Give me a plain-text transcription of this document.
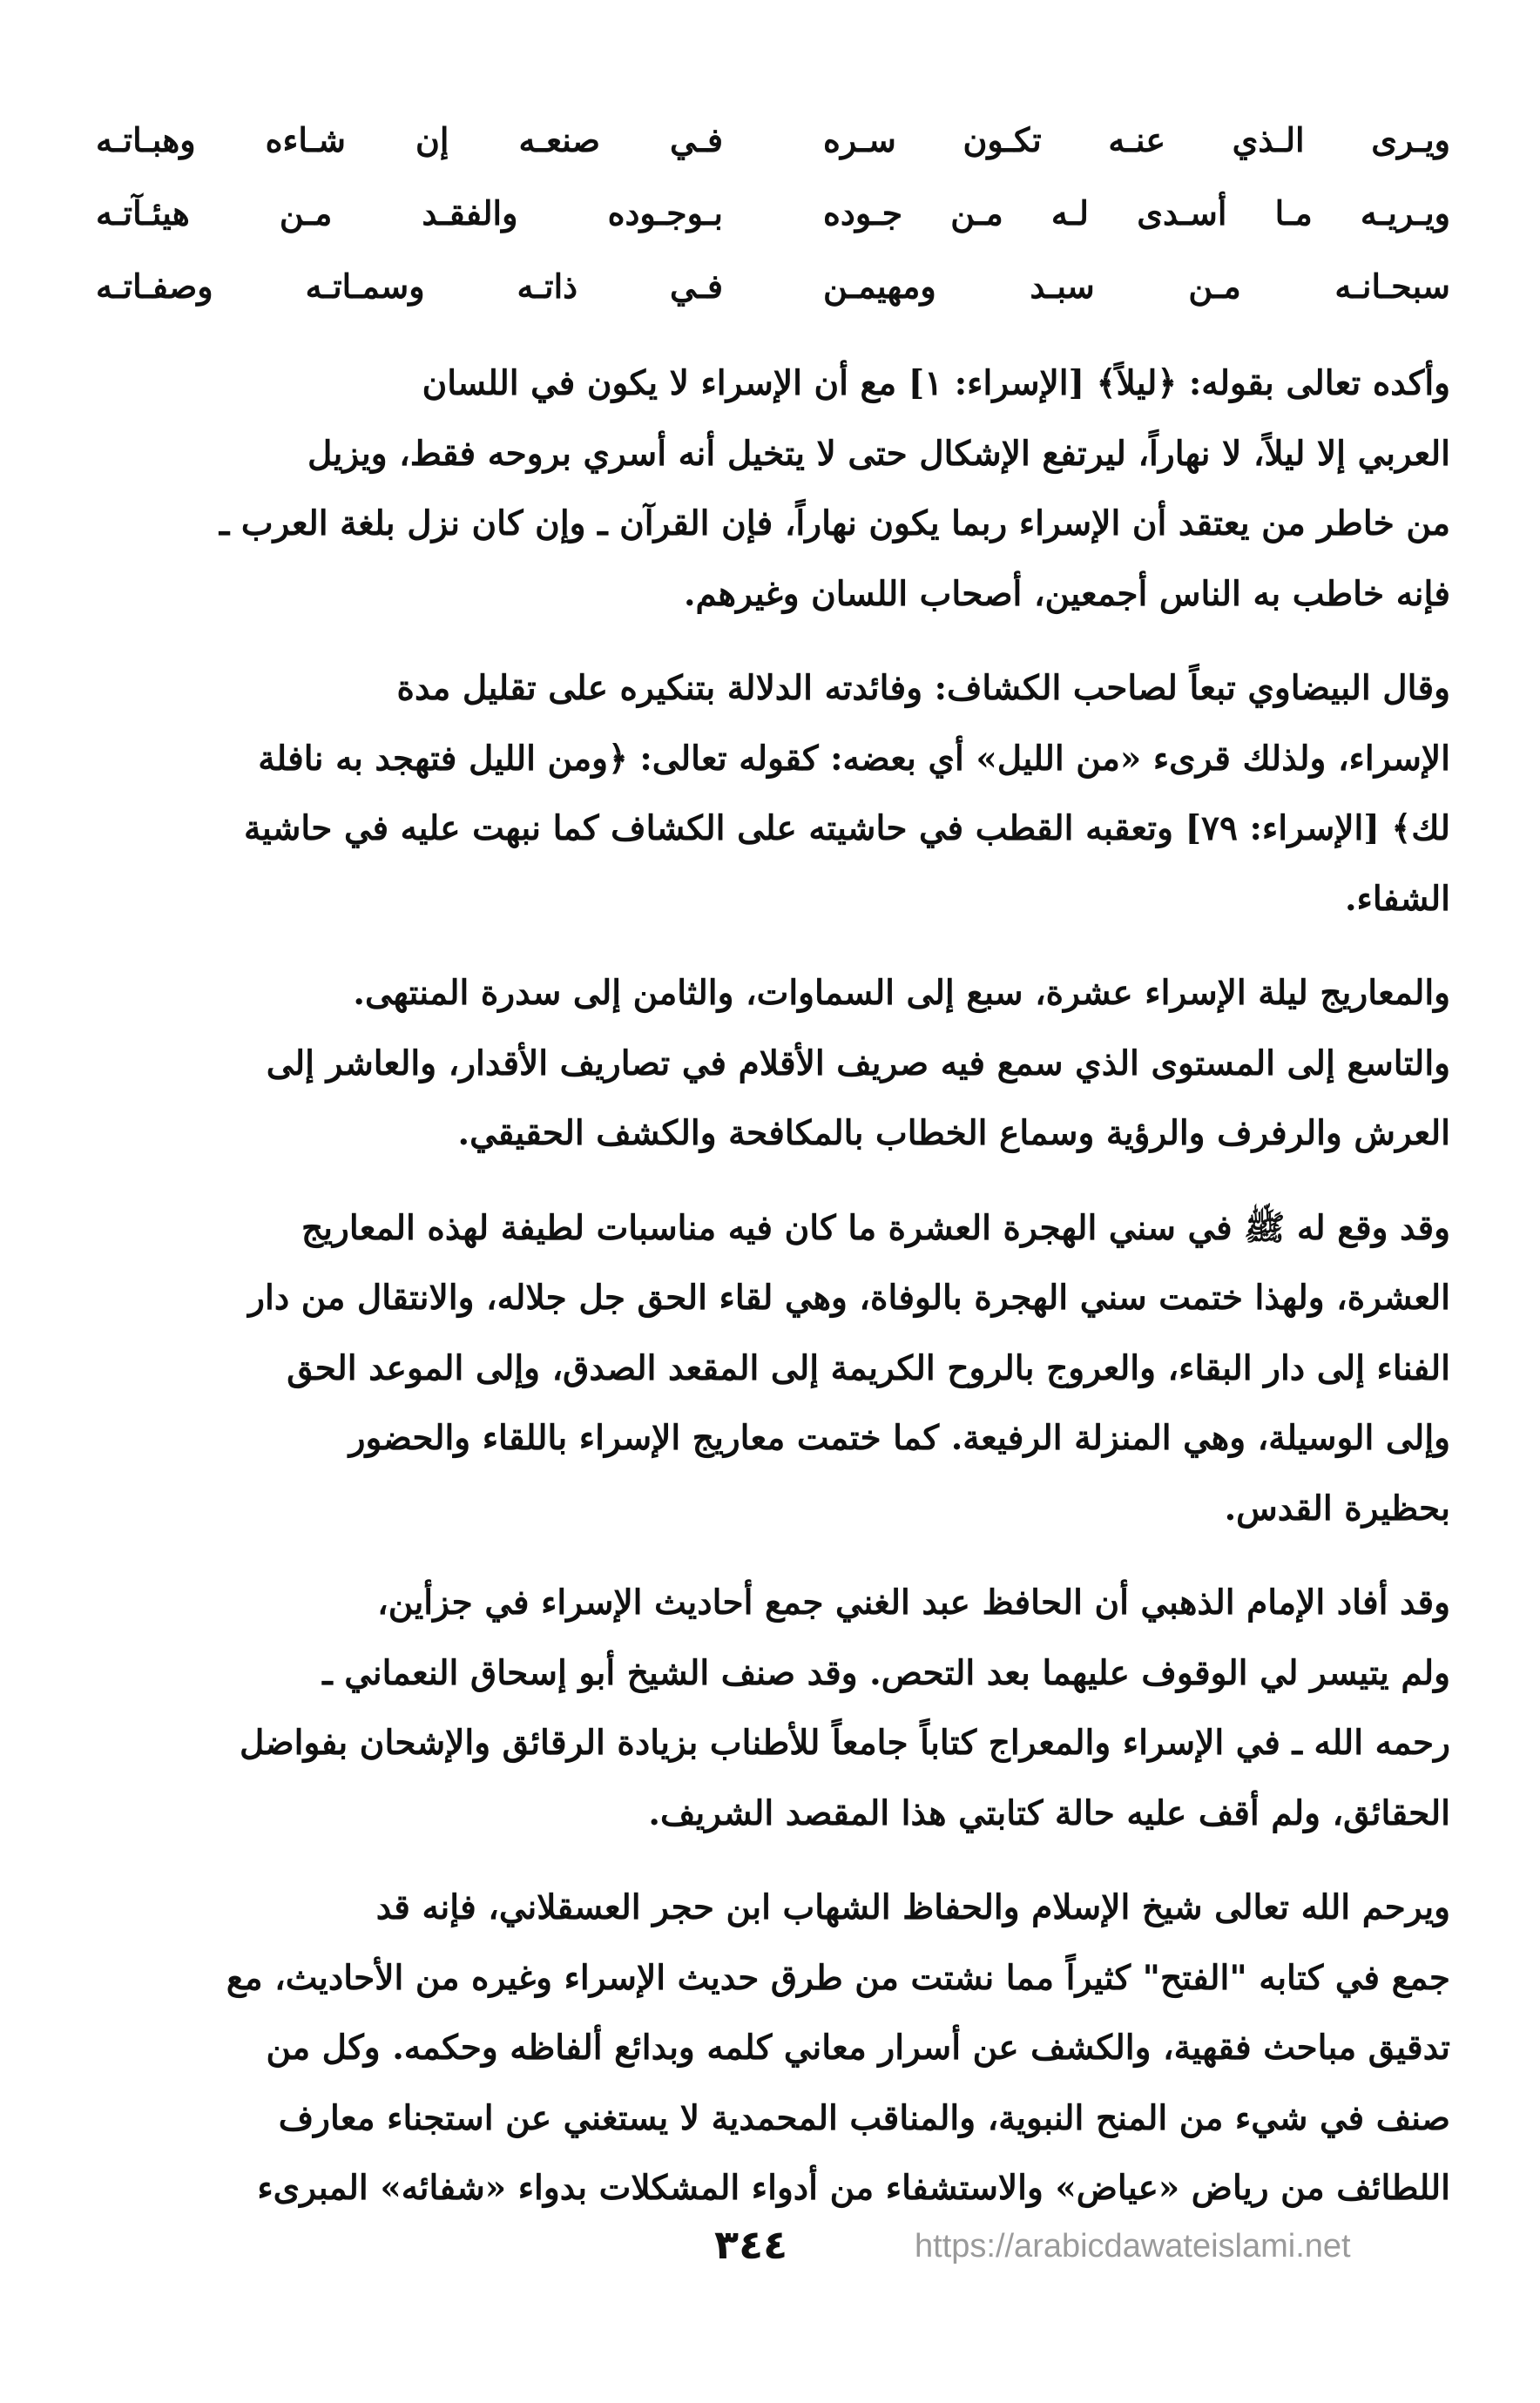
ويـرى الـذي عنـه تكـون سـره
فـي صنعـه إن شـاءه وهبـاتـه
ويـريـه مـا أسـدى لـه مـن جـوده
بـوجـوده والفقـد مـن هيئـآتـه
سبحـانـه مـن سبـد ومهيمـن
فـي ذاتـه وسمـاتـه وصفـاتـه

وأكده تعالى بقوله: ﴿ليلاً﴾ [الإسراء: ١] مع أن الإسراء لا يكون في اللسان
العربي إلا ليلاً، لا نهاراً، ليرتفع الإشكال حتى لا يتخيل أنه أسري بروحه فقط، ويزيل
من خاطر من يعتقد أن الإسراء ربما يكون نهاراً، فإن القرآن ـ وإن كان نزل بلغة العرب ـ
فإنه خاطب به الناس أجمعين، أصحاب اللسان وغيرهم.

وقال البيضاوي تبعاً لصاحب الكشاف: وفائدته الدلالة بتنكيره على تقليل مدة
الإسراء، ولذلك قرىء «من الليل» أي بعضه: كقوله تعالى: ﴿ومن الليل فتهجد به نافلة
لك﴾ [الإسراء: ٧٩] وتعقبه القطب في حاشيته على الكشاف كما نبهت عليه في حاشية
الشفاء.

والمعاريج ليلة الإسراء عشرة، سبع إلى السماوات، والثامن إلى سدرة المنتهى.
والتاسع إلى المستوى الذي سمع فيه صريف الأقلام في تصاريف الأقدار، والعاشر إلى
العرش والرفرف والرؤية وسماع الخطاب بالمكافحة والكشف الحقيقي.

وقد وقع له ﷺ في سني الهجرة العشرة ما كان فيه مناسبات لطيفة لهذه المعاريج
العشرة، ولهذا ختمت سني الهجرة بالوفاة، وهي لقاء الحق جل جلاله، والانتقال من دار
الفناء إلى دار البقاء، والعروج بالروح الكريمة إلى المقعد الصدق، وإلى الموعد الحق
وإلى الوسيلة، وهي المنزلة الرفيعة. كما ختمت معاريج الإسراء باللقاء والحضور
بحظيرة القدس.

وقد أفاد الإمام الذهبي أن الحافظ عبد الغني جمع أحاديث الإسراء في جزأين،
ولم يتيسر لي الوقوف عليهما بعد التحص. وقد صنف الشيخ أبو إسحاق النعماني ـ
رحمه الله ـ في الإسراء والمعراج كتاباً جامعاً للأطناب بزيادة الرقائق والإشحان بفواضل
الحقائق، ولم أقف عليه حالة كتابتي هذا المقصد الشريف.

ويرحم الله تعالى شيخ الإسلام والحفاظ الشهاب ابن حجر العسقلاني، فإنه قد
جمع في كتابه "الفتح" كثيراً مما نشتت من طرق حديث الإسراء وغيره من الأحاديث، مع
تدقيق مباحث فقهية، والكشف عن أسرار معاني كلمه وبدائع ألفاظه وحكمه. وكل من
صنف في شيء من المنح النبوية، والمناقب المحمدية لا يستغني عن استجناء معارف
اللطائف من رياض «عياض» والاستشفاء من أدواء المشكلات بدواء «شفائه» المبرىء

٣٤٤	https://arabicdawateislami.net
